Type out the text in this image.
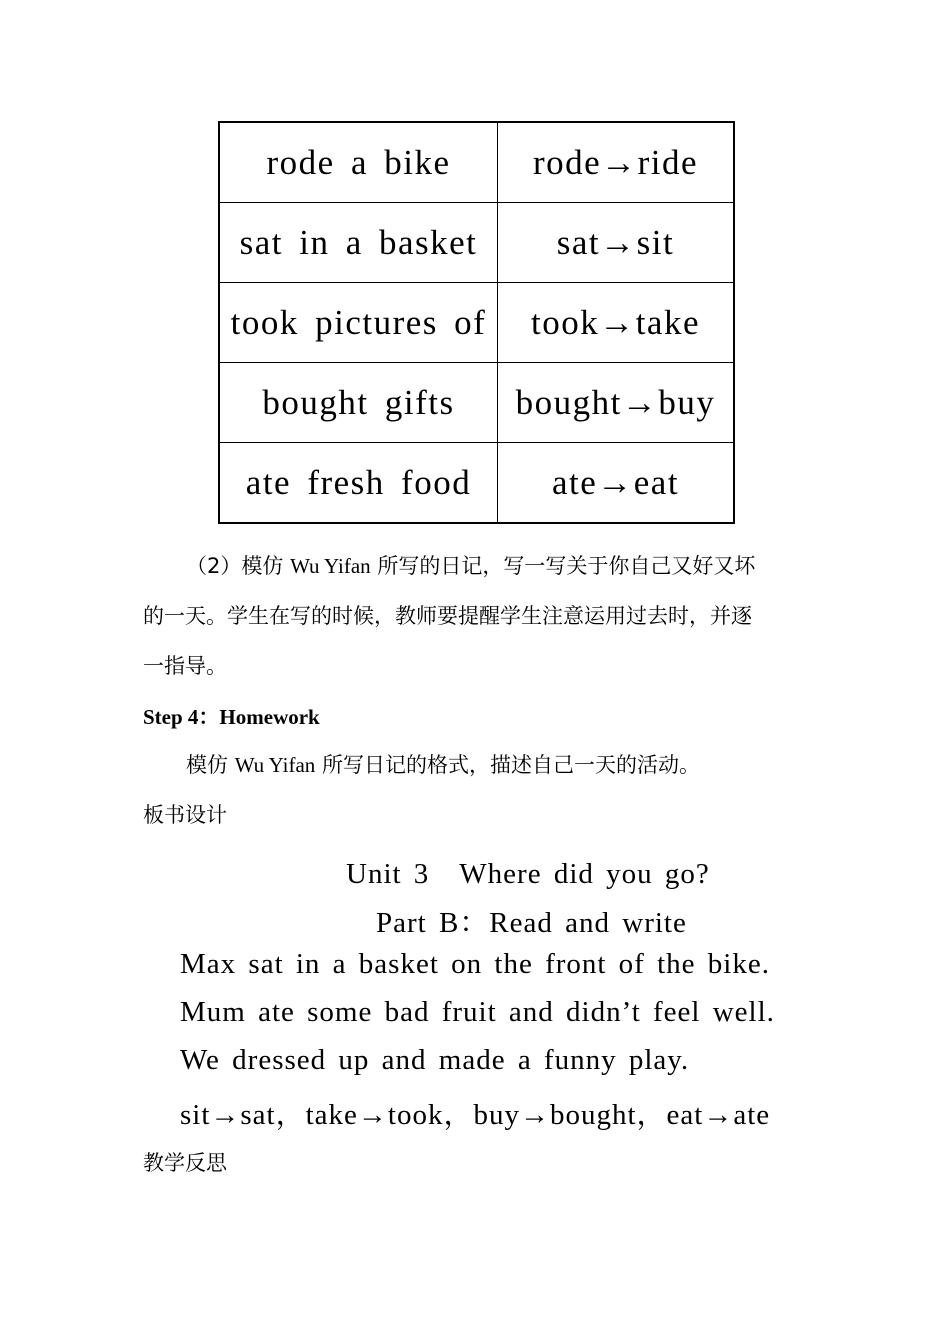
rode a bike	rode→ride
sat in a basket	sat→sit
took pictures of	took→take
bought gifts	bought→buy
ate fresh food	ate→eat
（2）模仿 Wu Yifan 所写的日记，写一写关于你自己又好又坏
的一天。学生在写的时候，教师要提醒学生注意运用过去时，并逐
一指导。
Step 4：Homework
模仿 Wu Yifan 所写日记的格式，描述自己一天的活动。
板书设计
Unit 3　Where did you go?
Part B：Read and write
Max sat in a basket on the front of the bike.
Mum ate some bad fruit and didn’t feel well.
We dressed up and made a funny play.
sit→sat，take→took，buy→bought，eat→ate
教学反思
